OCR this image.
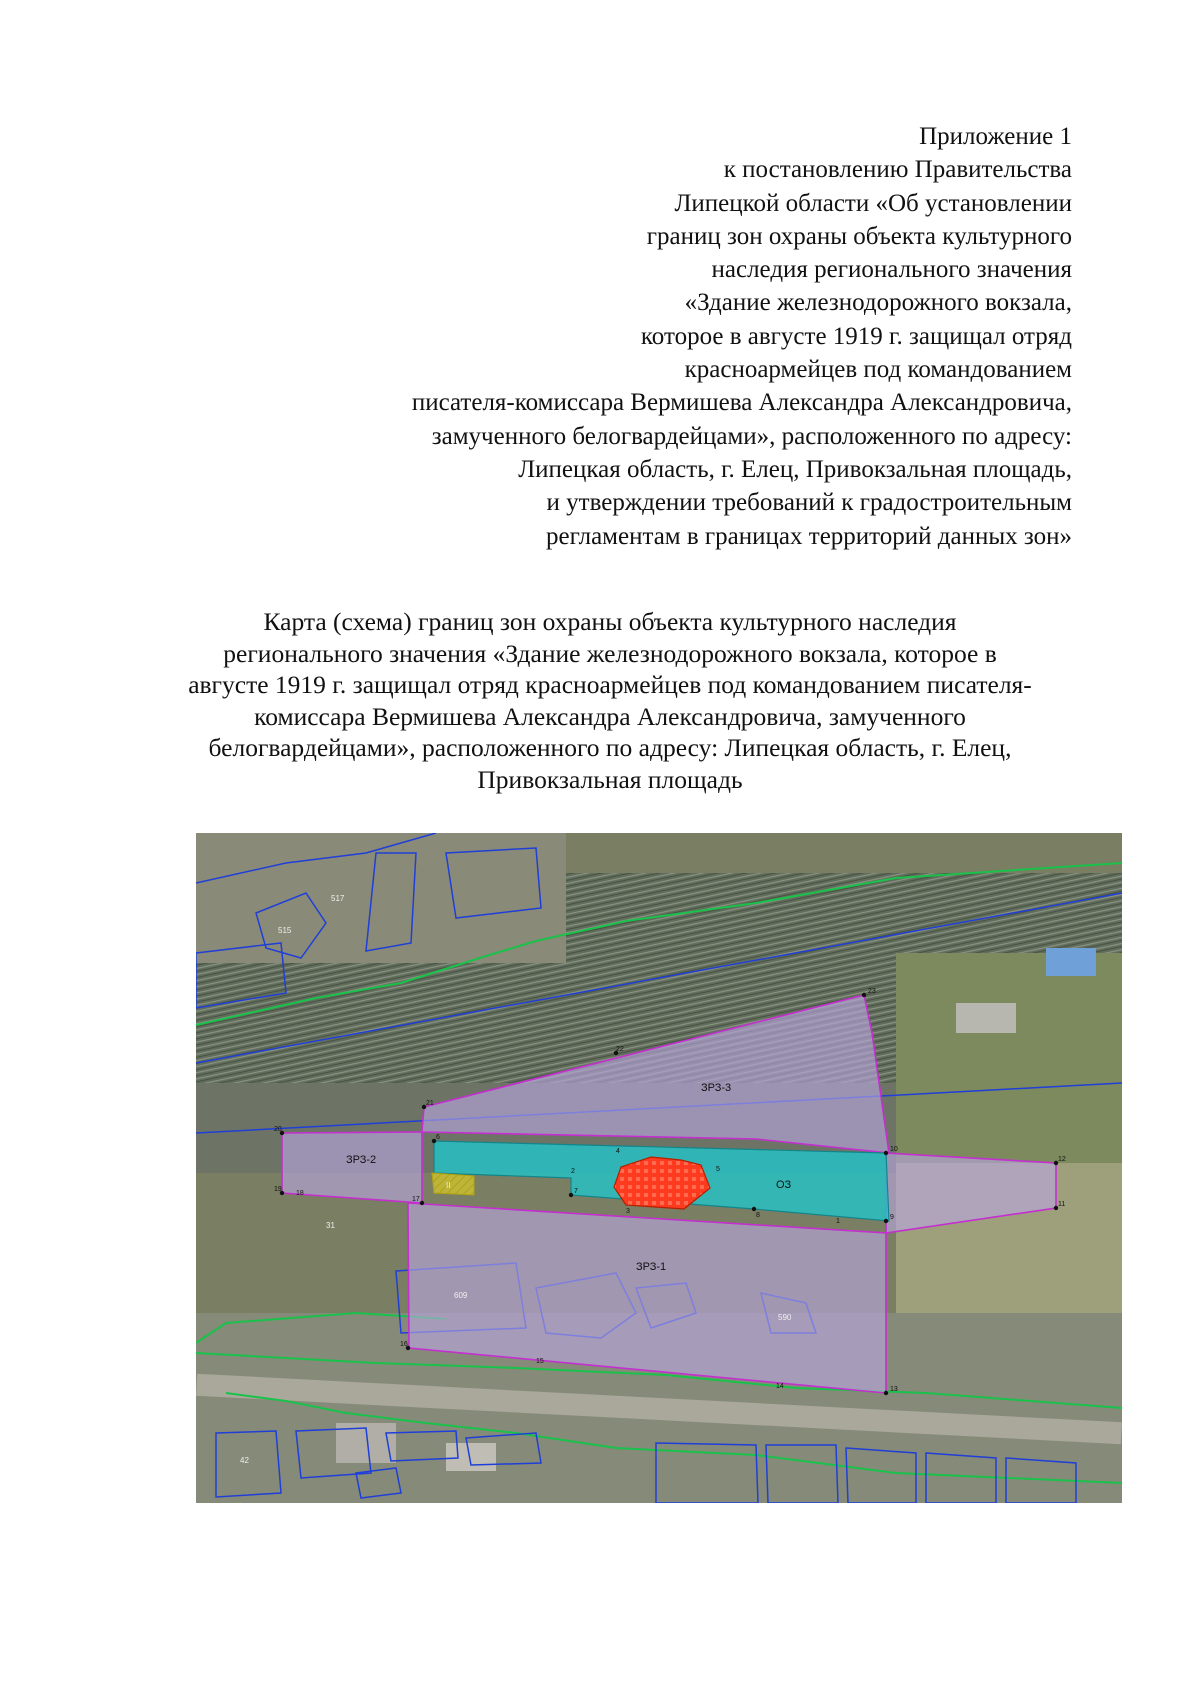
Приложение 1
к постановлению Правительства
Липецкой области «Об установлении
границ зон охраны объекта культурного
наследия регионального значения
«Здание железнодорожного вокзала,
которое в августе 1919 г. защищал отряд
красноармейцев под командованием
писателя-комиссара Вермишева Александра Александровича,
замученного белогвардейцами», расположенного по адресу:
Липецкая область, г. Елец, Привокзальная площадь,
и утверждении требований к градостроительным
регламентам в границах территорий данных зон»
Карта (схема) границ зон охраны объекта культурного наследия
регионального значения «Здание железнодорожного вокзала, которое в
августе 1919 г. защищал отряд красноармейцев под командованием писателя-
комиссара Вермишева Александра Александровича, замученного
белогвардейцами», расположенного по адресу: Липецкая область, г. Елец,
Привокзальная площадь
ЗРЗ-3
ЗРЗ-2
ЗРЗ-1
ОЗ
515
517
609
590
II
42
31
23
22
21
20
19
18
17
16
15
14	13
12
11
10
9
8
7
6
5
4
3
2
1
